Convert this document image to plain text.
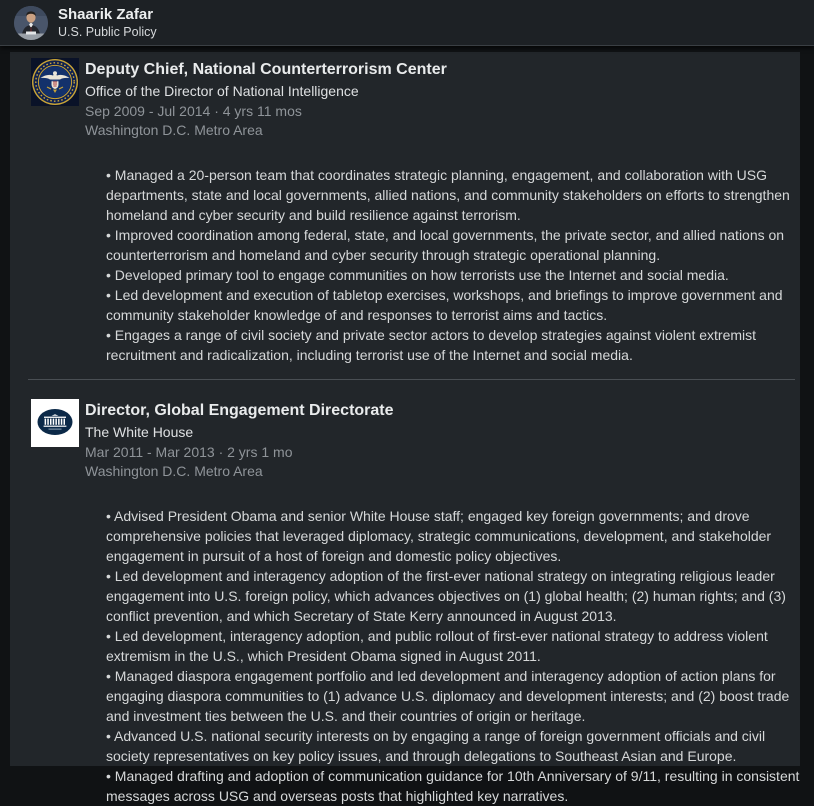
Shaarik Zafar
U.S. Public Policy
Deputy Chief, National Counterterrorism Center
Office of the Director of National Intelligence
Sep 2009 - Jul 2014 · 4 yrs 11 mos
Washington D.C. Metro Area

• Managed a 20-person team that coordinates strategic planning, engagement, and collaboration with USG departments, state and local governments, allied nations, and community stakeholders on efforts to strengthen homeland and cyber security and build resilience against terrorism.

• Improved coordination among federal, state, and local governments, the private sector, and allied nations on counterterrorism and homeland and cyber security through strategic operational planning.

• Developed primary tool to engage communities on how terrorists use the Internet and social media.

• Led development and execution of tabletop exercises, workshops, and briefings to improve government and community stakeholder knowledge of and responses to terrorist aims and tactics.

• Engages a range of civil society and private sector actors to develop strategies against violent extremist recruitment and radicalization, including terrorist use of the Internet and social media.

Director, Global Engagement Directorate
The White House
Mar 2011 - Mar 2013 · 2 yrs 1 mo
Washington D.C. Metro Area

• Advised President Obama and senior White House staff; engaged key foreign governments; and drove comprehensive policies that leveraged diplomacy, strategic communications, development, and stakeholder engagement in pursuit of a host of foreign and domestic policy objectives.

• Led development and interagency adoption of the first-ever national strategy on integrating religious leader engagement into U.S. foreign policy, which advances objectives on (1) global health; (2) human rights; and (3) conflict prevention, and which Secretary of State Kerry announced in August 2013.

• Led development, interagency adoption, and public rollout of first-ever national strategy to address violent extremism in the U.S., which President Obama signed in August 2011.

• Managed diaspora engagement portfolio and led development and interagency adoption of action plans for engaging diaspora communities to (1) advance U.S. diplomacy and development interests; and (2) boost trade and investment ties between the U.S. and their countries of origin or heritage.

• Advanced U.S. national security interests on by engaging a range of foreign government officials and civil society representatives on key policy issues, and through delegations to Southeast Asian and Europe.

• Managed drafting and adoption of communication guidance for 10th Anniversary of 9/11, resulting in consistent messages across USG and overseas posts that highlighted key narratives.
